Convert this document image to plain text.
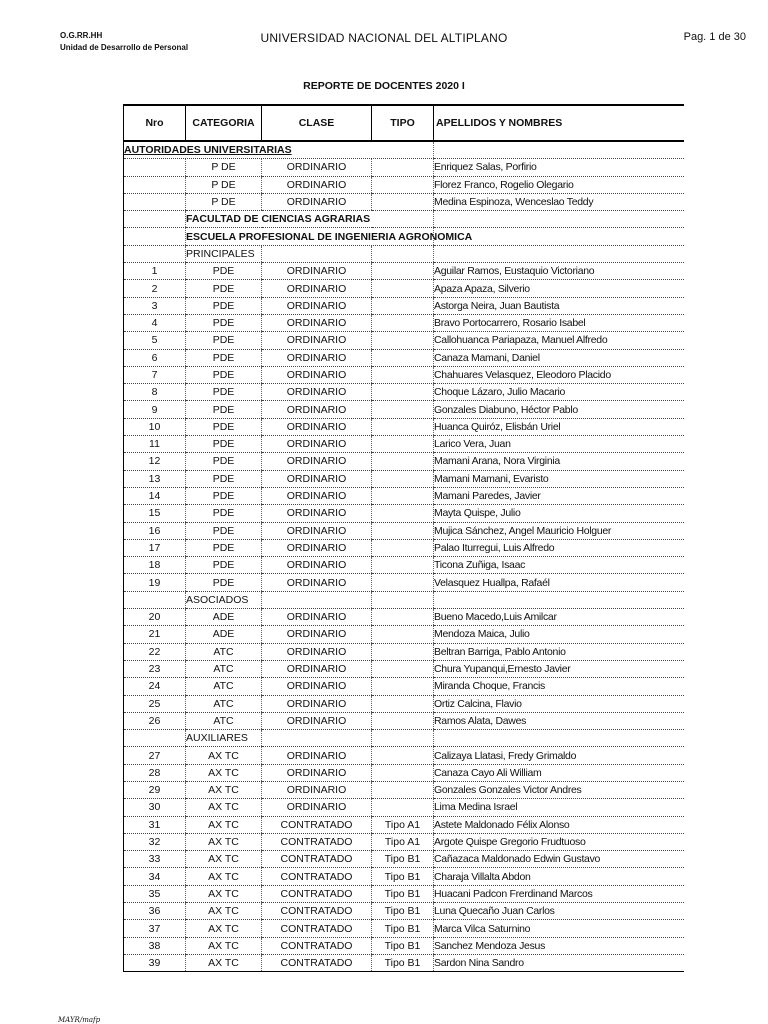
O.G.RR.HH
Unidad de Desarrollo de Personal
UNIVERSIDAD NACIONAL DEL ALTIPLANO	Pag. 1 de 30
REPORTE DE DOCENTES 2020 I
Nro	CATEGORIA	CLASE	TIPO	APELLIDOS Y NOMBRES
AUTORIDADES UNIVERSITARIAS				
	P DE	ORDINARIO		Enriquez Salas, Porfirio
	P DE	ORDINARIO		Florez Franco, Rogelio Olegario
	P DE	ORDINARIO		Medina Espinoza, Wenceslao Teddy
	FACULTAD DE CIENCIAS AGRARIAS			
	ESCUELA PROFESIONAL DE INGENIERIA AGRONOMICA			
	PRINCIPALES			
1	PDE	ORDINARIO		Aguilar Ramos, Eustaquio Victoriano
2	PDE	ORDINARIO		Apaza Apaza, Silverio
3	PDE	ORDINARIO		Astorga Neira, Juan Bautista
4	PDE	ORDINARIO		Bravo Portocarrero, Rosario Isabel
5	PDE	ORDINARIO		Callohuanca Pariapaza, Manuel Alfredo
6	PDE	ORDINARIO		Canaza Mamani, Daniel
7	PDE	ORDINARIO		Chahuares Velasquez, Eleodoro Placido
8	PDE	ORDINARIO		Choque Lázaro, Julio Macario
9	PDE	ORDINARIO		Gonzales Diabuno, Héctor Pablo
10	PDE	ORDINARIO		Huanca Quiróz, Elisbán Uriel
11	PDE	ORDINARIO		Larico Vera, Juan
12	PDE	ORDINARIO		Mamani Arana, Nora Virginia
13	PDE	ORDINARIO		Mamani Mamani, Evaristo
14	PDE	ORDINARIO		Mamani Paredes, Javier
15	PDE	ORDINARIO		Mayta Quispe, Julio
16	PDE	ORDINARIO		Mujica Sánchez, Angel Mauricio Holguer
17	PDE	ORDINARIO		Palao Iturregui, Luis Alfredo
18	PDE	ORDINARIO		Ticona Zuñiga, Isaac
19	PDE	ORDINARIO		Velasquez Huallpa, Rafaél
	ASOCIADOS			
20	ADE	ORDINARIO		Bueno Macedo,Luis Amilcar
21	ADE	ORDINARIO		Mendoza Maica, Julio
22	ATC	ORDINARIO		Beltran Barriga, Pablo Antonio
23	ATC	ORDINARIO		Chura Yupanqui,Ernesto Javier
24	ATC	ORDINARIO		Miranda Choque, Francis
25	ATC	ORDINARIO		Ortiz Calcina, Flavio
26	ATC	ORDINARIO		Ramos Alata, Dawes
	AUXILIARES			
27	AX TC	ORDINARIO		Calizaya Llatasi, Fredy Grimaldo
28	AX TC	ORDINARIO		Canaza Cayo Ali William
29	AX TC	ORDINARIO		Gonzales Gonzales Victor Andres
30	AX TC	ORDINARIO		Lima Medina Israel
31	AX TC	CONTRATADO	Tipo A1	Astete Maldonado Félix Alonso
32	AX TC	CONTRATADO	Tipo A1	Argote Quispe Gregorio Frudtuoso
33	AX TC	CONTRATADO	Tipo B1	Cañazaca Maldonado Edwin Gustavo
34	AX TC	CONTRATADO	Tipo B1	Charaja Villalta Abdon
35	AX TC	CONTRATADO	Tipo B1	Huacani Padcon Frerdinand Marcos
36	AX TC	CONTRATADO	Tipo B1	Luna Quecaño Juan Carlos
37	AX TC	CONTRATADO	Tipo B1	Marca Vilca Saturnino
38	AX TC	CONTRATADO	Tipo B1	Sanchez Mendoza Jesus
39	AX TC	CONTRATADO	Tipo B1	Sardon Nina Sandro
MAYR/mafp
